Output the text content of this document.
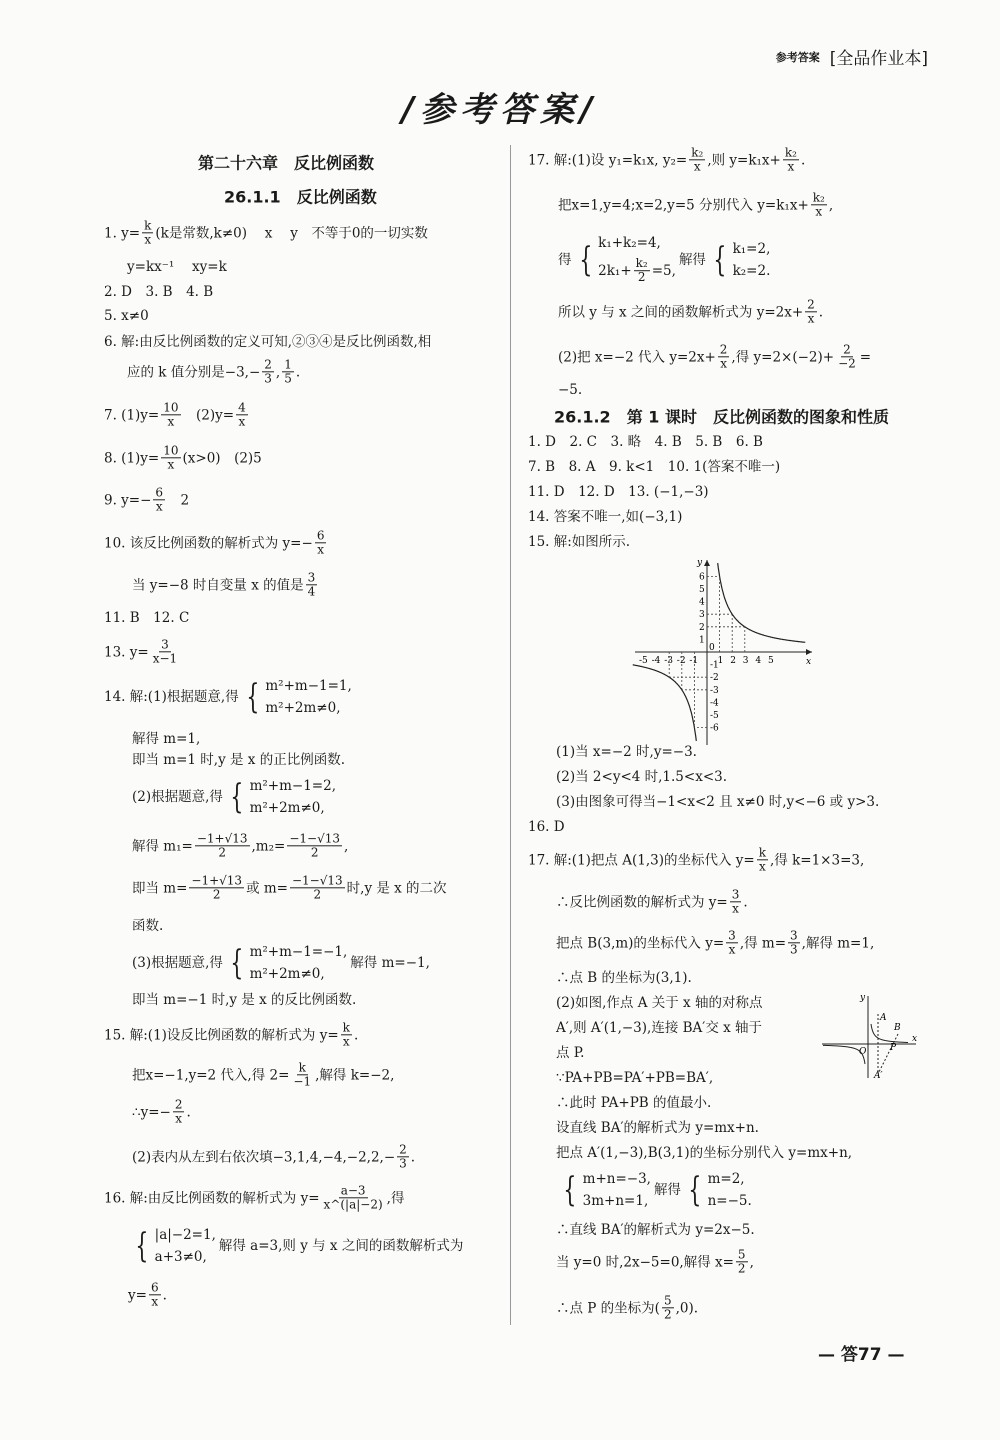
参考答案 [全品作业本]
/参考答案/
第二十六章　反比例函数
26.1.1　反比例函数
1. $y= \frac{k}{x} (k$是常数,k≠0)　 x　 y　不等于0的一切实数
y=kx⁻¹　 xy=k
2. D　3. B　4. B
5. x≠0
6. 解:由反比例函数的定义可知,②③④是反比例函数,相
应的 k 值分别是$-3,- \frac{2}{3}$ , $\frac{1}{5}$ .
7. $(1)y= \frac{10}{x}$ 　$(2)y= \frac{4}{x}$
8. $(1)y= \frac{10}{x} (x>0)$　(2)5
9. $y=- \frac{6}{x}$ 　2
10. 该反比例函数的解析式为 $y=- \frac{6}{x}$
当 y=−8 时自变量 x 的值是 $\frac{3}{4}$
11. B　12. C
13. $y= \frac{3}{x-1}$
14. 解:(1)根据题意,得 { m²+m−1=1,
m²+2m≠0,
解得 m=1,
即当 m=1 时,y 是 x 的正比例函数.
(2)根据题意,得 { m²+m−1=2,
m²+2m≠0,
解得 $m_1= \frac{-1+√13}{2} ,m_2= \frac{-1-√13}{2}$ ,
即当 $m= \frac{-1+√13}{2}$ 或 $m= \frac{-1-√13}{2}$ 时,y 是 x 的二次
函数.
(3)根据题意,得 { m²+m−1=−1,
m²+2m≠0,
解得 m=−1,
即当 m=−1 时,y 是 x 的反比例函数.
15. 解:(1)设反比例函数的解析式为 $y= \frac{k}{x}$ .
把x=−1,y=2 代入,得 $2= \frac{k}{-1}$ ,解得 k=−2,
∴y=− $\frac{2}{x}$ .
(2)表内从左到右依次填$-3,1,4,-4,-2,2,- \frac{2}{3}$ .
16. 解:由反比例函数的解析式为 $y= \frac{a-3}{x\^{}(|a|-2)}$ ,得
{ |a|−2=1,
a+3≠0,
解得 a=3,则 y 与 x 之间的函数解析式为
$y= \frac{6}{x}$ .
17. 解:(1)设 y₁=k₁x, $y_2= \frac{\text{k₂}}{x}$ ,则 $y=k_1x+ \frac{\text{k₂}}{x}$ .
把x=1,y=4;x=2,y=5 分别代入 $y=k_1x+ \frac{\text{k₂}}{x}$ ,
得 { k₁+k₂=4,
$2k_1+ \frac{\text{k₂}}{2} =5$,
解得 { k₁=2,
k₂=2.
所以 y 与 x 之间的函数解析式为 $y=2x+ \frac{2}{x}$ .
(2)把 x=−2 代入 $y=2x+ \frac{2}{x}$ ,得 $y=2\times(-2)+ \frac{2}{-2}$ =
−5.
26.1.2　第 1 课时　反比例函数的图象和性质
1. D　2. C　3. 略　4. B　5. B　6. B
7. B　8. A　9. k<1　10. 1(答案不唯一)
11. D　12. D　13. (−1,−3)
14. 答案不唯一,如(−3,1)
15. 解:如图所示.
(1)当 x=−2 时,y=−3.
(2)当 2<y<4 时,1.5<x<3.
(3)由图象可得当−1<x<2 且 x≠0 时,y<−6 或 y>3.
16. D
17. 解:(1)把点 A(1,3)的坐标代入 $y= \frac{k}{x}$ ,得 k=1×3=3,
∴反比例函数的解析式为 $y= \frac{3}{x}$ .
把点 B(3,m)的坐标代入 $y= \frac{3}{x}$ ,得 $m= \frac{3}{3}$ ,解得 m=1,
∴点 B 的坐标为(3,1).
(2)如图,作点 A 关于 x 轴的对称点
A′,则 A′(1,−3),连接 BA′交 x 轴于
点 P.
∵PA+PB=PA′+PB=BA′,
∴此时 PA+PB 的值最小.
设直线 BA′的解析式为 y=mx+n.
把点 A′(1,−3),B(3,1)的坐标分别代入 y=mx+n,
{ m+n=−3,
3m+n=1,
解得 { m=2,
n=−5.
∴直线 BA′的解析式为 y=2x−5.
当 y=0 时,2x−5=0,解得 $x= \frac{5}{2}$ ,
∴点 P 的坐标为( $\frac{5}{2} ,0$).
-5 -4 -3 -2 -1
0
1 2 3 4 5
6
5
4
3
2
1
-1
-2
-3
-4
-5
-6
x
y
y
x
A
B
P
A′
O
— 答77 —
